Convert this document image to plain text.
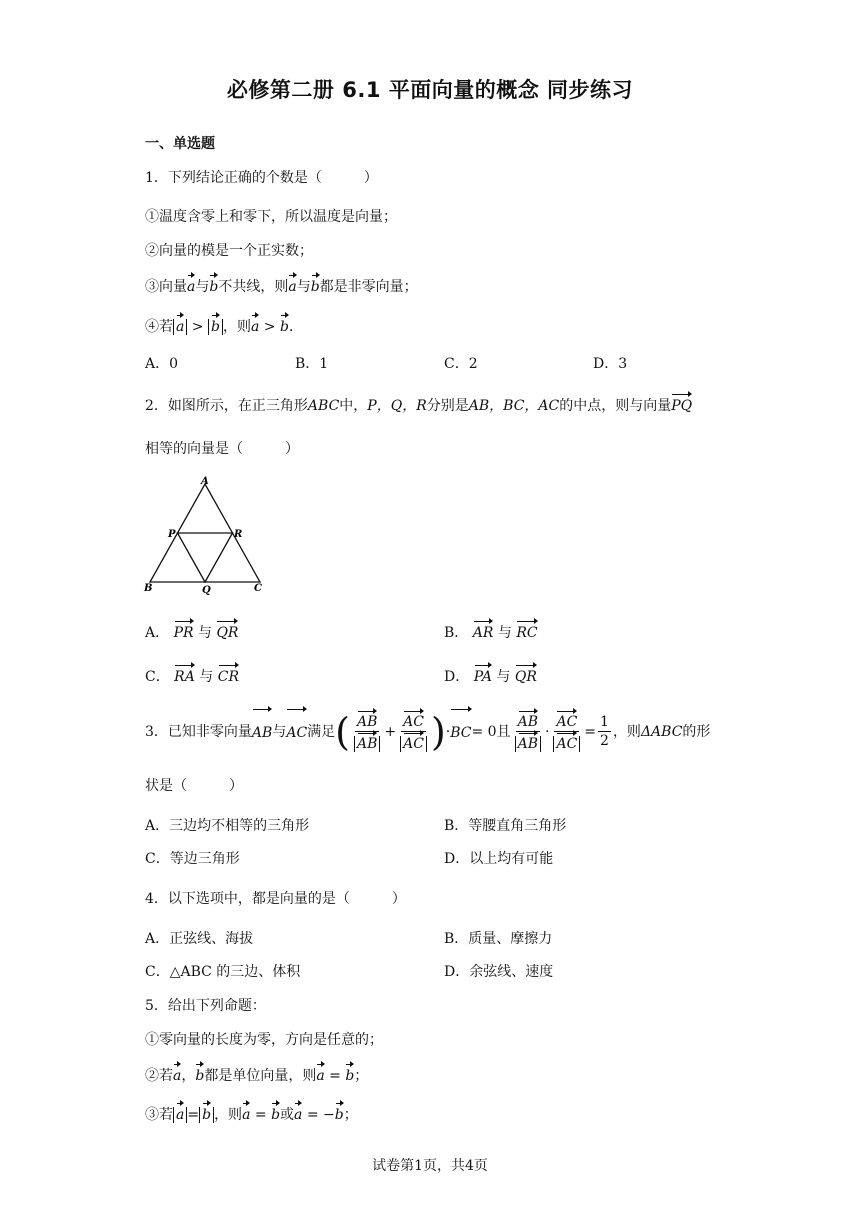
必修第二册 6.1 平面向量的概念 同步练习
一、单选题
1．下列结论正确的个数是（　　　）
①温度含零上和零下，所以温度是向量；
②向量的模是一个正实数；
③向量a与b不共线，则a与b都是非零向量；
④若 a > b ，则a > b．
A．0	B．1	C．2	D．3
2．如图所示，在正三角形ABC中，P，Q，R分别是AB，BC，AC的中点，则与向量PQ
相等的向量是（　　　）
A
B	C
P
Q
R
A． PR 与 QR	B． AR 与 RC
C． RA 与 CR	D． PA 与 QR
3．已知非零向量 AB 与 AC 满足 ( $\frac{AB}{AB} + \frac{AC}{AC}$ ) · BC = 0 且 $\frac{AB}{AB} \cdot \frac{AC}{AC} = \frac{1}{2}$ ，则 ΔABC 的形
状是（　　　）
A．三边均不相等的三角形	B．等腰直角三角形
C．等边三角形	D．以上均有可能
4．以下选项中，都是向量的是（　　　）
A．正弦线、海拔	B．质量、摩擦力
C．△ABC 的三边、体积	D．余弦线、速度
5．给出下列命题：
①零向量的长度为零，方向是任意的；
②若a，b都是单位向量，则a = b；
③若 a = b ，则a = b或a = −b；
试卷第1页，共4页
